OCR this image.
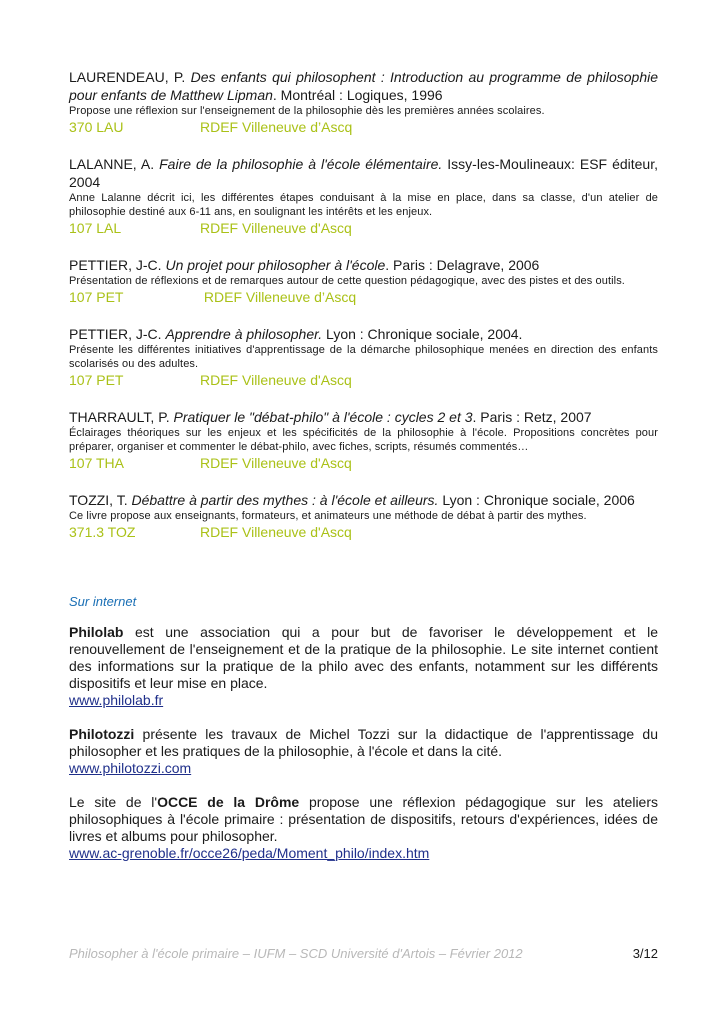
LAURENDEAU, P. Des enfants qui philosophent : Introduction au programme de philosophie pour enfants de Matthew Lipman. Montréal : Logiques, 1996

Propose une réflexion sur l'enseignement de la philosophie dès les premières années scolaires.

370 LAU	RDEF Villeneuve d’Ascq

LALANNE, A. Faire de la philosophie à l'école élémentaire. Issy-les-Moulineaux: ESF éditeur, 2004

Anne Lalanne décrit ici, les différentes étapes conduisant à la mise en place, dans sa classe, d'un atelier de philosophie destiné aux 6-11 ans, en soulignant les intérêts et les enjeux.

107 LAL	RDEF Villeneuve d'Ascq

PETTIER, J-C. Un projet pour philosopher à l'école. Paris : Delagrave, 2006

Présentation de réflexions et de remarques autour de cette question pédagogique, avec des pistes et des outils.

107 PET	RDEF Villeneuve d’Ascq

PETTIER, J-C. Apprendre à philosopher. Lyon : Chronique sociale, 2004.

Présente les différentes initiatives d'apprentissage de la démarche philosophique menées en direction des enfants scolarisés ou des adultes.

107 PET	RDEF Villeneuve d'Ascq

THARRAULT, P. Pratiquer le "débat-philo" à l'école : cycles 2 et 3. Paris : Retz, 2007

Éclairages théoriques sur les enjeux et les spécificités de la philosophie à l'école. Propositions concrètes pour préparer, organiser et commenter le débat-philo, avec fiches, scripts, résumés commentés…

107 THA	RDEF Villeneuve d'Ascq

TOZZI, T. Débattre à partir des mythes : à l'école et ailleurs. Lyon : Chronique sociale, 2006

Ce livre propose aux enseignants, formateurs, et animateurs une méthode de débat à partir des mythes.

371.3 TOZ	RDEF Villeneuve d'Ascq

Sur internet

Philolab est une association qui a pour but de favoriser le développement et le renouvellement de l'enseignement et de la pratique de la philosophie. Le site internet contient des informations sur la pratique de la philo avec des enfants, notamment sur les différents dispositifs et leur mise en place.
www.philolab.fr

Philotozzi présente les travaux de Michel Tozzi sur la didactique de l'apprentissage du philosopher et les pratiques de la philosophie, à l'école et dans la cité.
www.philotozzi.com

Le site de l'OCCE de la Drôme propose une réflexion pédagogique sur les ateliers philosophiques à l'école primaire : présentation de dispositifs, retours d'expériences, idées de livres et albums pour philosopher.
www.ac-grenoble.fr/occe26/peda/Moment_philo/index.htm

Philosopher à l'école primaire – IUFM – SCD Université d'Artois – Février 2012	3/12
